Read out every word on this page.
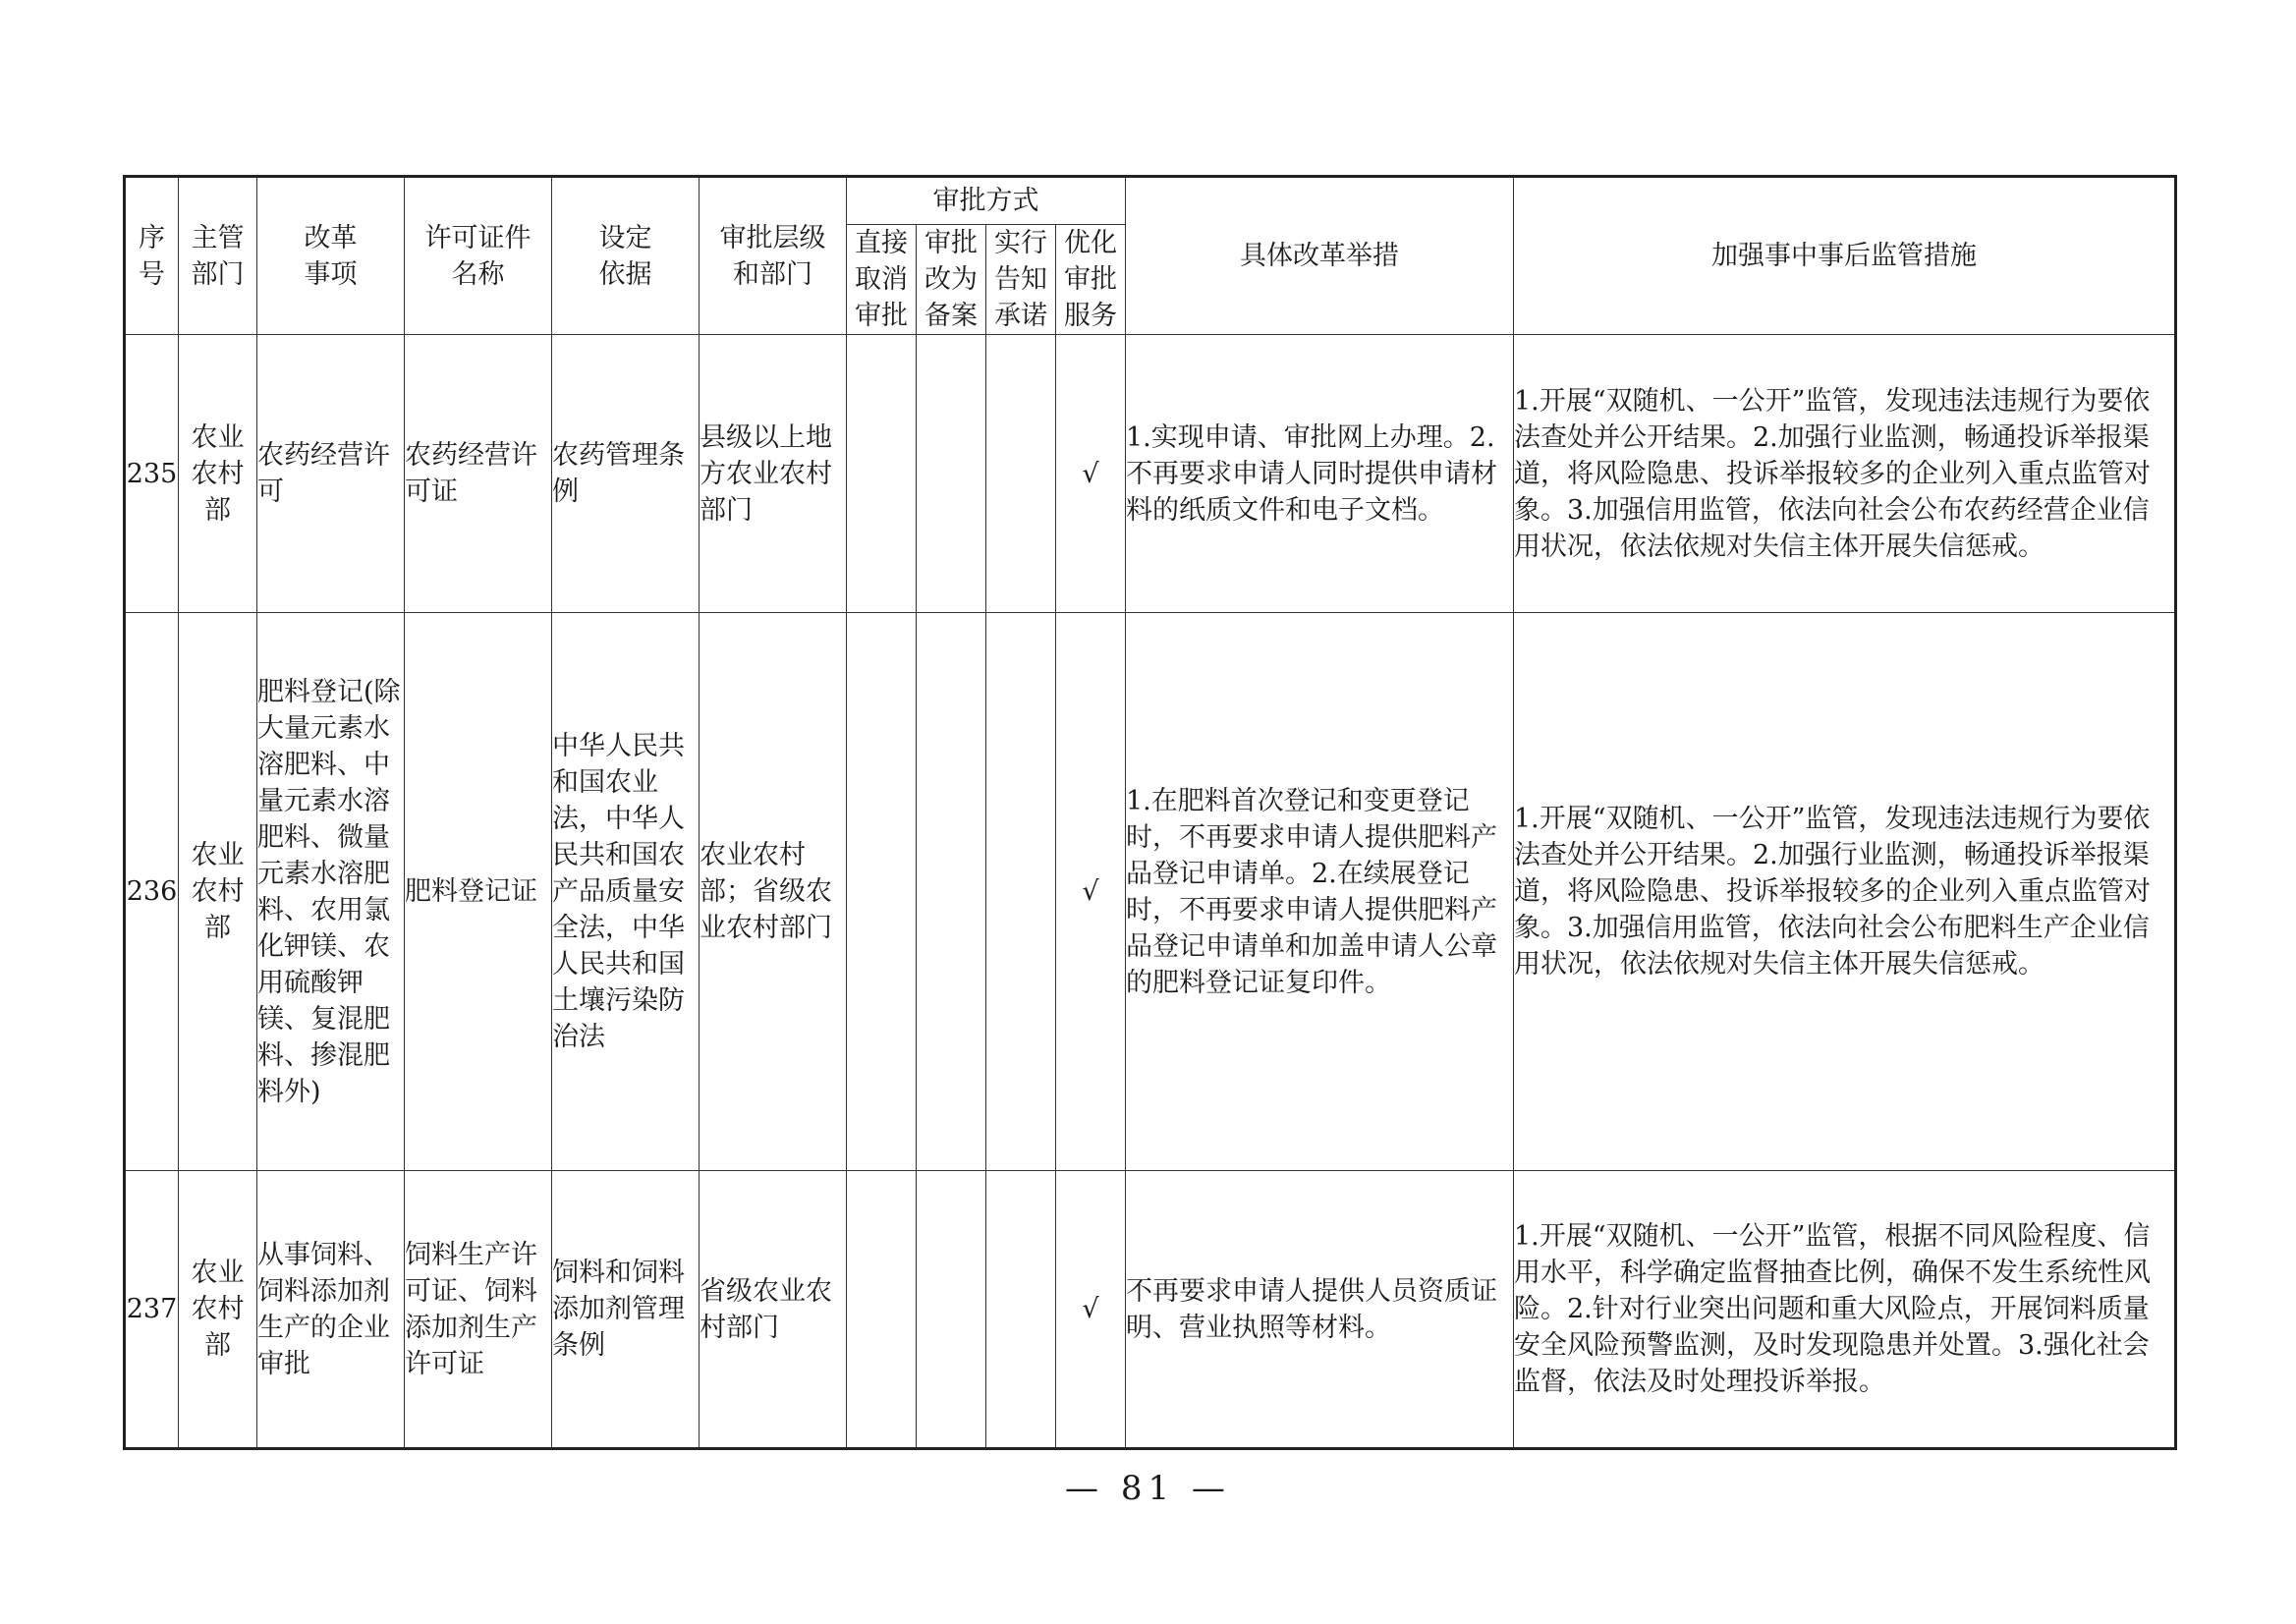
序号	主管部门	改革事项	许可证件名称	设定依据	审批层级和部门	审批方式				具体改革举措	加强事中事后监管措施
						直接取消审批	审批改为备案	实行告知承诺	优化审批服务		
235	农业农村部	农药经营许可	农药经营许可证	农药管理条例	县级以上地方农业农村部门				√	1.实现申请、审批网上办理。2.不再要求申请人同时提供申请材料的纸质文件和电子文档。	1.开展“双随机、一公开”监管，发现违法违规行为要依法查处并公开结果。2.加强行业监测，畅通投诉举报渠道，将风险隐患、投诉举报较多的企业列入重点监管对象。3.加强信用监管，依法向社会公布农药经营企业信用状况，依法依规对失信主体开展失信惩戒。
236	农业农村部	肥料登记(除大量元素水溶肥料、中量元素水溶肥料、微量元素水溶肥料、农用氯化钾镁、农用硫酸钾镁、复混肥料、掺混肥料外)	肥料登记证	中华人民共和国农业法，中华人民共和国农产品质量安全法，中华人民共和国土壤污染防治法	农业农村部；省级农业农村部门				√	1.在肥料首次登记和变更登记时，不再要求申请人提供肥料产品登记申请单。2.在续展登记时，不再要求申请人提供肥料产品登记申请单和加盖申请人公章的肥料登记证复印件。	1.开展“双随机、一公开”监管，发现违法违规行为要依法查处并公开结果。2.加强行业监测，畅通投诉举报渠道，将风险隐患、投诉举报较多的企业列入重点监管对象。3.加强信用监管，依法向社会公布肥料生产企业信用状况，依法依规对失信主体开展失信惩戒。
237	农业农村部	从事饲料、饲料添加剂生产的企业审批	饲料生产许可证、饲料添加剂生产许可证	饲料和饲料添加剂管理条例	省级农业农村部门				√	不再要求申请人提供人员资质证明、营业执照等材料。	1.开展“双随机、一公开”监管，根据不同风险程度、信用水平，科学确定监督抽查比例，确保不发生系统性风险。2.针对行业突出问题和重大风险点，开展饲料质量安全风险预警监测，及时发现隐患并处置。3.强化社会监督，依法及时处理投诉举报。
— 81 —
